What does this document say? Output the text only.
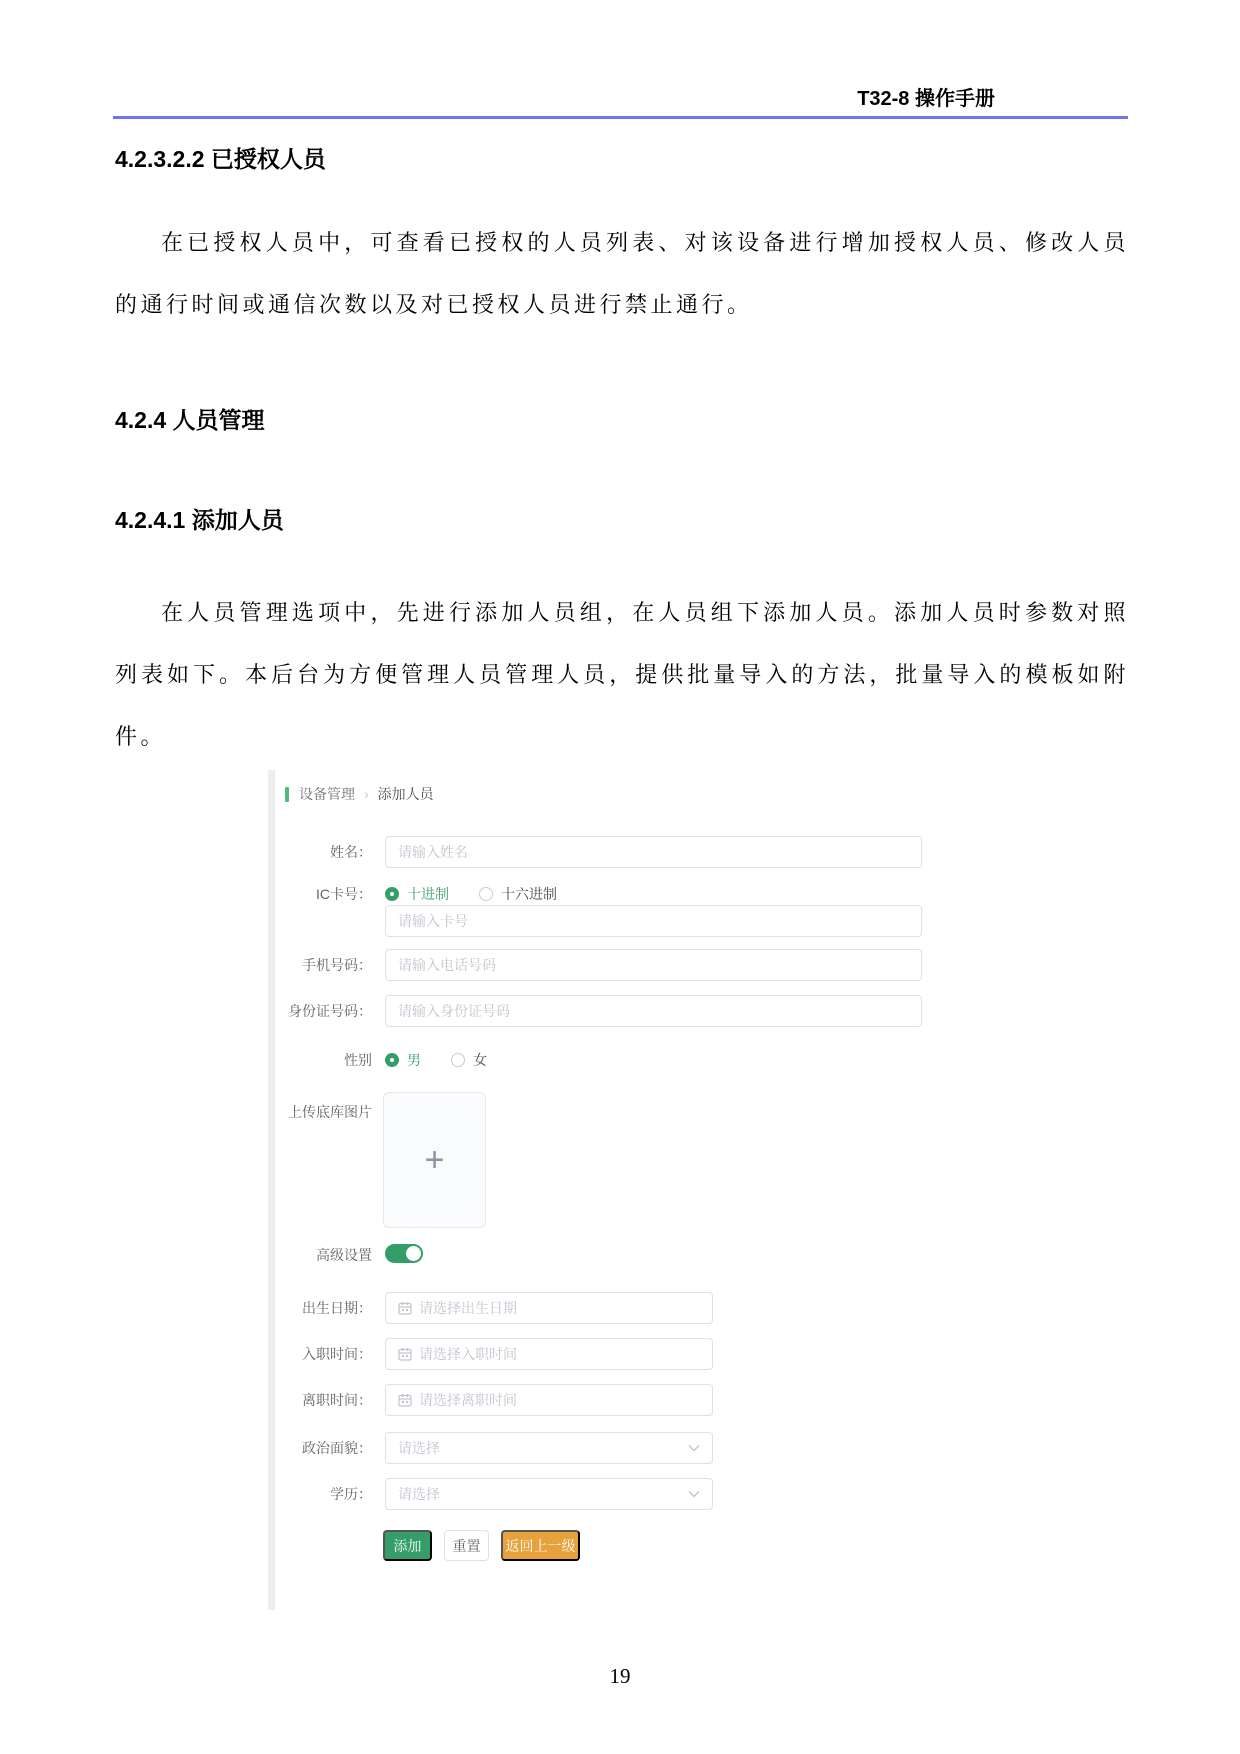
T32-8 操作手册
4.2.3.2.2 已授权人员
在已授权人员中，可查看已授权的人员列表、对该设备进行增加授权人员、修改人员的通行时间或通信次数以及对已授权人员进行禁止通行。
4.2.4 人员管理
4.2.4.1 添加人员
在人员管理选项中，先进行添加人员组，在人员组下添加人员。添加人员时参数对照列表如下。本后台为方便管理人员管理人员，提供批量导入的方法，批量导入的模板如附件。
设备管理 › 添加人员
姓名：
请输入姓名
IC卡号：	十进制	十六进制
请输入卡号
手机号码：
请输入电话号码
身份证号码：
请输入身份证号码
性别	男	女
上传底库图片
+
高级设置
出生日期：	请选择出生日期
入职时间：	请选择入职时间
离职时间：	请选择离职时间
政治面貌： 请选择
学历： 请选择
添加	重置	返回上一级
19
